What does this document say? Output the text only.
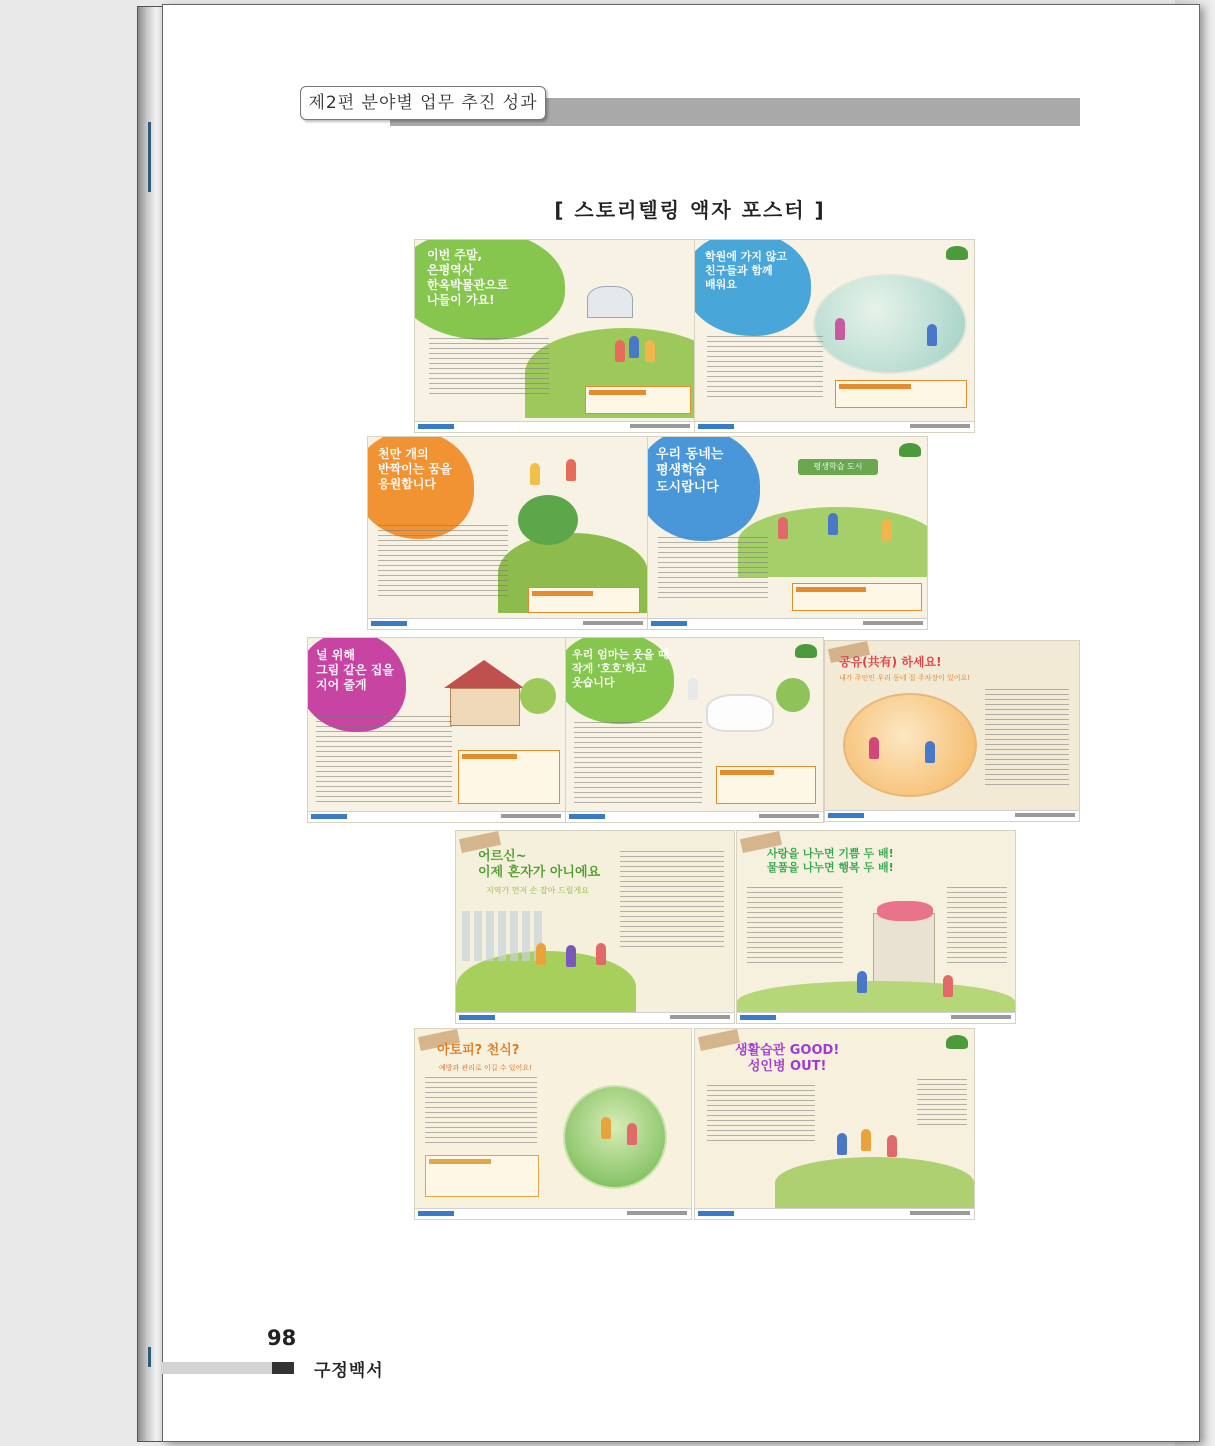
제2편 분야별 업무 추진 성과
[ 스토리텔링 액자 포스터 ]
이번 주말,
은평역사
한옥박물관으로
나들이 가요!
학원에 가지 않고
친구들과 함께
배워요
천만 개의
반짝이는 꿈을
응원합니다
우리 동네는
평생학습
도시랍니다
평생학습 도시
널 위해
그림 같은 집을
지어 줄게
우리 엄마는 웃을 때
작게 '호호'하고
웃습니다
공유(共有) 하세요!
내가 주인인 우리 동네 집 주차장이 있어요!
어르신~
이제 혼자가 아니에요
지역가 먼저 손 잡아 드릴게요
사랑을 나누면 기쁨 두 배!
물품을 나누면 행복 두 배!
아토피? 천식?
예방과 관리로 이길 수 있어요!
생활습관 GOOD!
성인병 OUT!
98
구정백서
